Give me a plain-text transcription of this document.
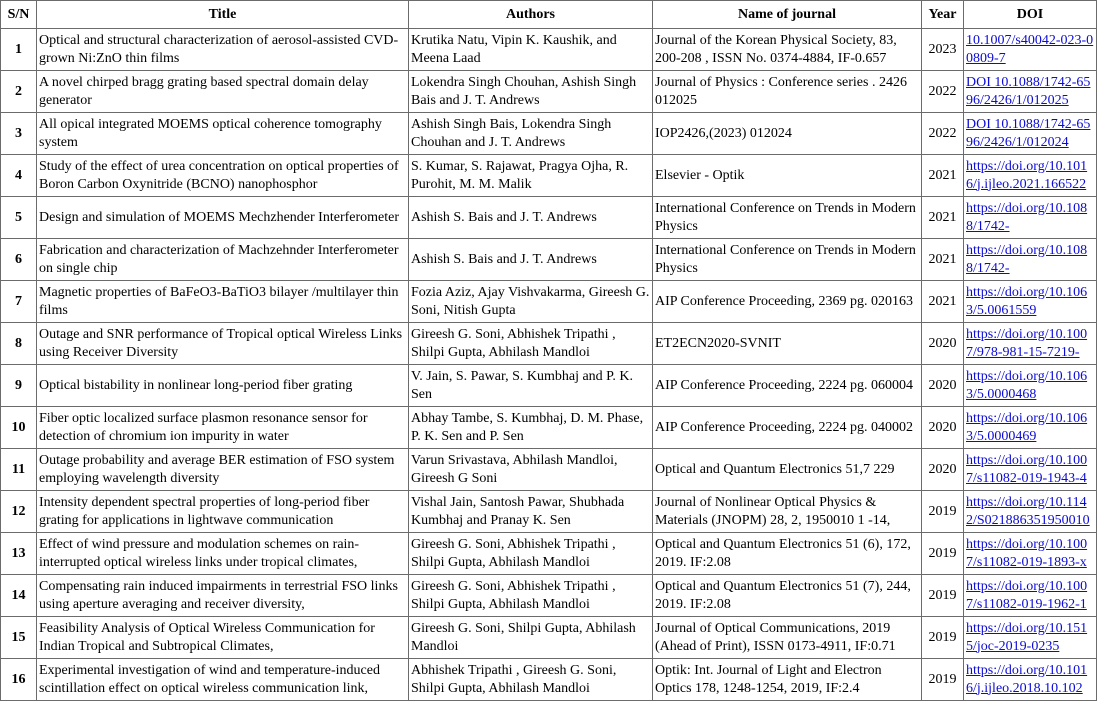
S/N	Title	Authors	Name of journal	Year	DOI

1	Optical and structural characterization of aerosol-assisted CVD-grown Ni:ZnO thin films	Krutika Natu, Vipin K. Kaushik, and Meena Laad	Journal of the Korean Physical Society, 83, 200-208 , ISSN No. 0374-4884, IF-0.657	2023	10.1007/s40042-023-00809-7

2	A novel chirped bragg grating based spectral domain delay generator	Lokendra Singh Chouhan, Ashish Singh Bais and J. T. Andrews	Journal of Physics : Conference series . 2426 012025	2022	DOI 10.1088/1742-6596/2426/1/012025

3	All opical integrated MOEMS optical coherence tomography system	Ashish Singh Bais, Lokendra Singh Chouhan and J. T. Andrews	IOP2426,(2023) 012024	2022	DOI 10.1088/1742-6596/2426/1/012024

4	Study of the effect of urea concentration on optical properties of Boron Carbon Oxynitride (BCNO) nanophosphor	S. Kumar, S. Rajawat, Pragya Ojha, R. Purohit, M. M. Malik	Elsevier - Optik	2021	https://doi.org/10.1016/j.ijleo.2021.166522

5	Design and simulation of MOEMS Mechzhender Interferometer	Ashish S. Bais and J. T. Andrews	International Conference on Trends in Modern Physics	2021	https://doi.org/10.1088/1742-

6	Fabrication and characterization of Machzehnder Interferometer on single chip	Ashish S. Bais and J. T. Andrews	International Conference on Trends in Modern Physics	2021	https://doi.org/10.1088/1742-

7	Magnetic properties of BaFeO3-BaTiO3 bilayer /multilayer thin films	Fozia Aziz, Ajay Vishvakarma, Gireesh G. Soni, Nitish Gupta	AIP Conference Proceeding, 2369 pg. 020163	2021	https://doi.org/10.1063/5.0061559

8	Outage and SNR performance of Tropical optical Wireless Links using Receiver Diversity	Gireesh G. Soni, Abhishek Tripathi , Shilpi Gupta, Abhilash Mandloi	ET2ECN2020-SVNIT	2020	https://doi.org/10.1007/978-981-15-7219-

9	Optical bistability in nonlinear long-period fiber grating	V. Jain, S. Pawar, S. Kumbhaj and P. K. Sen	AIP Conference Proceeding, 2224 pg. 060004	2020	https://doi.org/10.1063/5.0000468

10	Fiber optic localized surface plasmon resonance sensor for detection of chromium ion impurity in water	Abhay Tambe, S. Kumbhaj, D. M. Phase, P. K. Sen and P. Sen	AIP Conference Proceeding, 2224 pg. 040002	2020	https://doi.org/10.1063/5.0000469

11	Outage probability and average BER estimation of FSO system employing wavelength diversity	Varun Srivastava, Abhilash Mandloi, Gireesh G Soni	Optical and Quantum Electronics 51,7 229	2020	https://doi.org/10.1007/s11082-019-1943-4

12	Intensity dependent spectral properties of long-period fiber grating for applications in lightwave communication	Vishal Jain, Santosh Pawar, Shubhada Kumbhaj and Pranay K. Sen	Journal of Nonlinear Optical Physics & Materials (JNOPM) 28, 2, 1950010 1 -14,	2019	https://doi.org/10.1142/S021886351950010

13	Effect of wind pressure and modulation schemes on rain-interrupted optical wireless links under tropical climates,	Gireesh G. Soni, Abhishek Tripathi , Shilpi Gupta, Abhilash Mandloi	Optical and Quantum Electronics 51 (6), 172, 2019. IF:2.08	2019	https://doi.org/10.1007/s11082-019-1893-x

14	Compensating rain induced impairments in terrestrial FSO links using aperture averaging and receiver diversity,	Gireesh G. Soni, Abhishek Tripathi , Shilpi Gupta, Abhilash Mandloi	Optical and Quantum Electronics 51 (7), 244, 2019. IF:2.08	2019	https://doi.org/10.1007/s11082-019-1962-1

15	Feasibility Analysis of Optical Wireless Communication for Indian Tropical and Subtropical Climates,	Gireesh G. Soni, Shilpi Gupta, Abhilash Mandloi	Journal of Optical Communications, 2019 (Ahead of Print), ISSN 0173-4911, IF:0.71	2019	https://doi.org/10.1515/joc-2019-0235

16	Experimental investigation of wind and temperature-induced scintillation effect on optical wireless communication link,	Abhishek Tripathi , Gireesh G. Soni, Shilpi Gupta, Abhilash Mandloi	Optik: Int. Journal of Light and Electron Optics 178, 1248-1254, 2019, IF:2.4	2019	https://doi.org/10.1016/j.ijleo.2018.10.102
